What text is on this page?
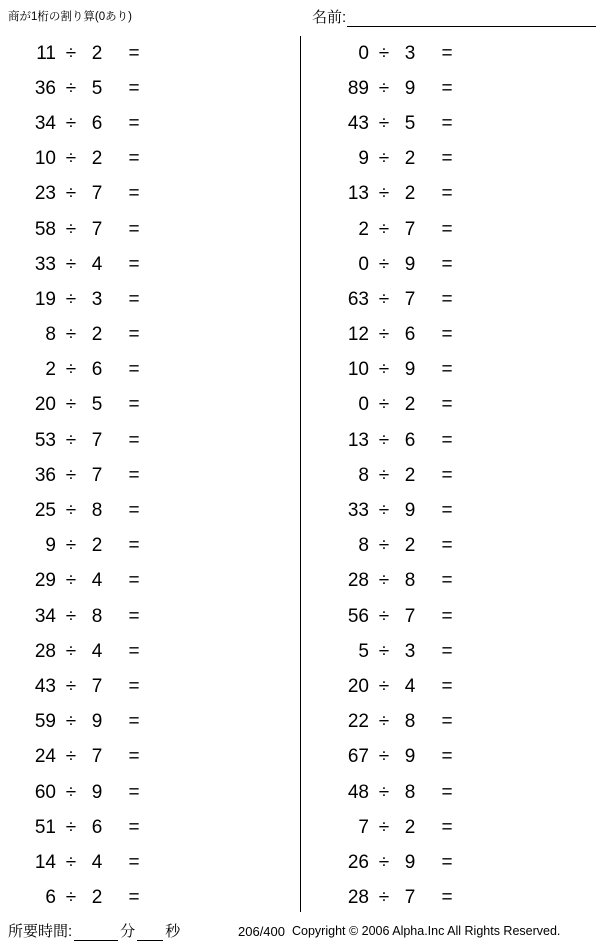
商が1桁の割り算(0あり)	名前:
11 ÷ 2	=
36 ÷ 5	=
34 ÷ 6	=
10 ÷ 2	=
23 ÷ 7	=
58 ÷ 7	=
33 ÷ 4	=
19 ÷ 3	=
8 ÷ 2	=
2 ÷ 6	=
20 ÷ 5	=
53 ÷ 7	=
36 ÷ 7	=
25 ÷ 8	=
9 ÷ 2	=
29 ÷ 4	=
34 ÷ 8	=
28 ÷ 4	=
43 ÷ 7	=
59 ÷ 9	=
24 ÷ 7	=
60 ÷ 9	=
51 ÷ 6	=
14 ÷ 4	=
6 ÷ 2	=
0 ÷ 3	=
89 ÷ 9	=
43 ÷ 5	=
9 ÷ 2	=
13 ÷ 2	=
2 ÷ 7	=
0 ÷ 9	=
63 ÷ 7	=
12 ÷ 6	=
10 ÷ 9	=
0 ÷ 2	=
13 ÷ 6	=
8 ÷ 2	=
33 ÷ 9	=
8 ÷ 2	=
28 ÷ 8	=
56 ÷ 7	=
5 ÷ 3	=
20 ÷ 4	=
22 ÷ 8	=
67 ÷ 9	=
48 ÷ 8	=
7 ÷ 2	=
26 ÷ 9	=
28 ÷ 7	=
所要時間:	分 秒	206/400 Copyright © 2006 Alpha.Inc All Rights Reserved.
